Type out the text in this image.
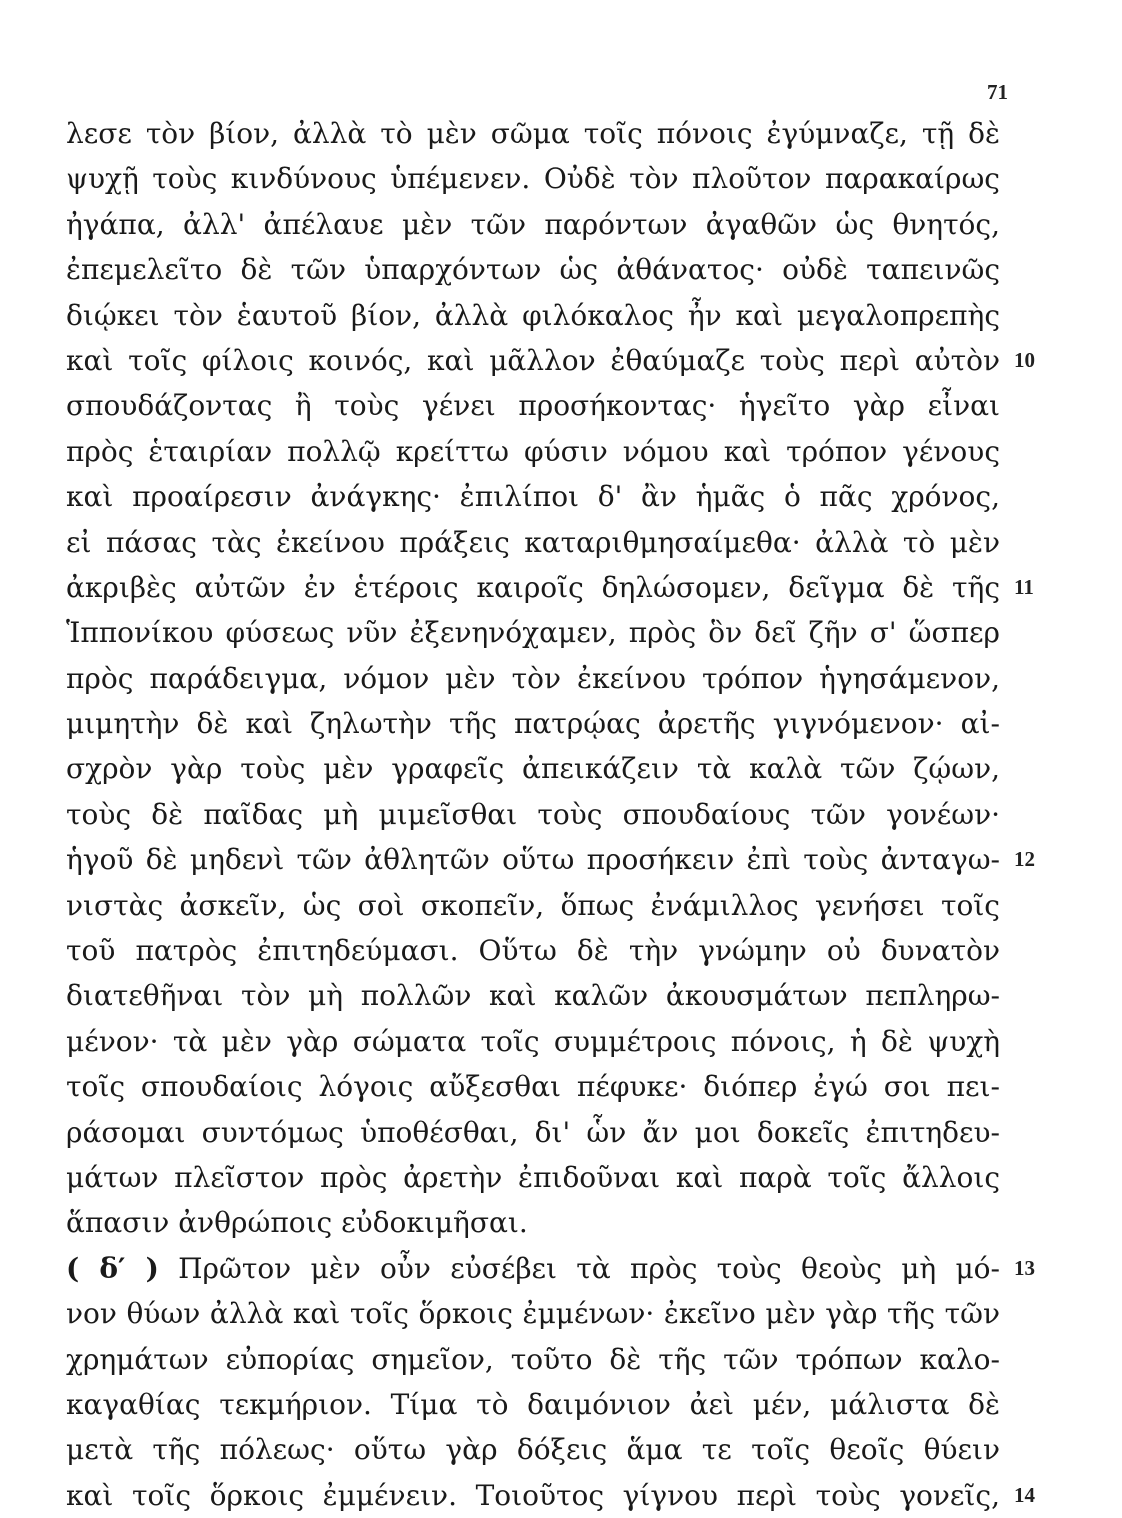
71
λεσε τὸν βίον, ἀλλὰ τὸ μὲν σῶμα τοῖς πόνοις ἐγύμναζε, τῇ δὲ
ψυχῇ τοὺς κινδύνους ὑπέμενεν. Οὐδὲ τὸν πλοῦτον παρακαίρως
ἠγάπα, ἀλλ' ἀπέλαυε μὲν τῶν παρόντων ἀγαθῶν ὡς θνητός,
ἐπεμελεῖτο δὲ τῶν ὑπαρχόντων ὡς ἀθάνατος· οὐδὲ ταπεινῶς
διῴκει τὸν ἑαυτοῦ βίον, ἀλλὰ φιλόκαλος ἦν καὶ μεγαλοπρεπὴς
καὶ τοῖς φίλοις κοινός, καὶ μᾶλλον ἐθαύμαζε τοὺς περὶ αὐτὸν 10
σπουδάζοντας ἢ τοὺς γένει προσήκοντας· ἡγεῖτο γὰρ εἶναι
πρὸς ἑταιρίαν πολλῷ κρείττω φύσιν νόμου καὶ τρόπον γένους
καὶ προαίρεσιν ἀνάγκης· ἐπιλίποι δ' ἂν ἡμᾶς ὁ πᾶς χρόνος,
εἰ πάσας τὰς ἐκείνου πράξεις καταριθμησαίμεθα· ἀλλὰ τὸ μὲν
ἀκριβὲς αὐτῶν ἐν ἑτέροις καιροῖς δηλώσομεν, δεῖγμα δὲ τῆς 11
Ἱππονίκου φύσεως νῦν ἐξενηνόχαμεν, πρὸς ὃν δεῖ ζῆν σ' ὥσπερ
πρὸς παράδειγμα, νόμον μὲν τὸν ἐκείνου τρόπον ἡγησάμενον,
μιμητὴν δὲ καὶ ζηλωτὴν τῆς πατρῴας ἀρετῆς γιγνόμενον· αἰ-
σχρὸν γὰρ τοὺς μὲν γραφεῖς ἀπεικάζειν τὰ καλὰ τῶν ζῴων,
τοὺς δὲ παῖδας μὴ μιμεῖσθαι τοὺς σπουδαίους τῶν γονέων·
ἡγοῦ δὲ μηδενὶ τῶν ἀθλητῶν οὕτω προσήκειν ἐπὶ τοὺς ἀνταγω- 12
νιστὰς ἀσκεῖν, ὡς σοὶ σκοπεῖν, ὅπως ἐνάμιλλος γενήσει τοῖς
τοῦ πατρὸς ἐπιτηδεύμασι. Οὕτω δὲ τὴν γνώμην οὐ δυνατὸν
διατεθῆναι τὸν μὴ πολλῶν καὶ καλῶν ἀκουσμάτων πεπληρω-
μένον· τὰ μὲν γὰρ σώματα τοῖς συμμέτροις πόνοις, ἡ δὲ ψυχὴ
τοῖς σπουδαίοις λόγοις αὔξεσθαι πέφυκε· διόπερ ἐγώ σοι πει-
ράσομαι συντόμως ὑποθέσθαι, δι' ὧν ἄν μοι δοκεῖς ἐπιτηδευ-
μάτων πλεῖστον πρὸς ἀρετὴν ἐπιδοῦναι καὶ παρὰ τοῖς ἄλλοις
ἅπασιν ἀνθρώποις εὐδοκιμῆσαι.
( δ′ ) Πρῶτον μὲν οὖν εὐσέβει τὰ πρὸς τοὺς θεοὺς μὴ μό- 13
νον θύων ἀλλὰ καὶ τοῖς ὅρκοις ἐμμένων· ἐκεῖνο μὲν γὰρ τῆς τῶν
χρημάτων εὐπορίας σημεῖον, τοῦτο δὲ τῆς τῶν τρόπων καλο-
καγαθίας τεκμήριον. Τίμα τὸ δαιμόνιον ἀεὶ μέν, μάλιστα δὲ
μετὰ τῆς πόλεως· οὕτω γὰρ δόξεις ἅμα τε τοῖς θεοῖς θύειν
καὶ τοῖς ὅρκοις ἐμμένειν. Τοιοῦτος γίγνου περὶ τοὺς γονεῖς, 14
